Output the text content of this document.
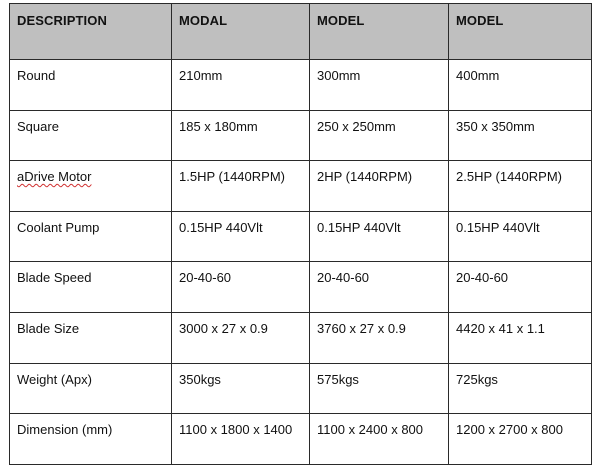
DESCRIPTION	MODAL	MODEL	MODEL
Round	210mm	300mm	400mm
Square	185 x 180mm	250 x 250mm	350 x 350mm
aDrive Motor	1.5HP (1440RPM)	2HP (1440RPM)	2.5HP (1440RPM)
Coolant Pump	0.15HP 440Vlt	0.15HP 440Vlt	0.15HP 440Vlt
Blade Speed	20-40-60	20-40-60	20-40-60
Blade Size	3000 x 27 x 0.9	3760 x 27 x 0.9	4420 x 41 x 1.1
Weight (Apx)	350kgs	575kgs	725kgs
Dimension (mm)	1100 x 1800 x 1400	1100 x 2400 x 800	1200 x 2700 x 800
